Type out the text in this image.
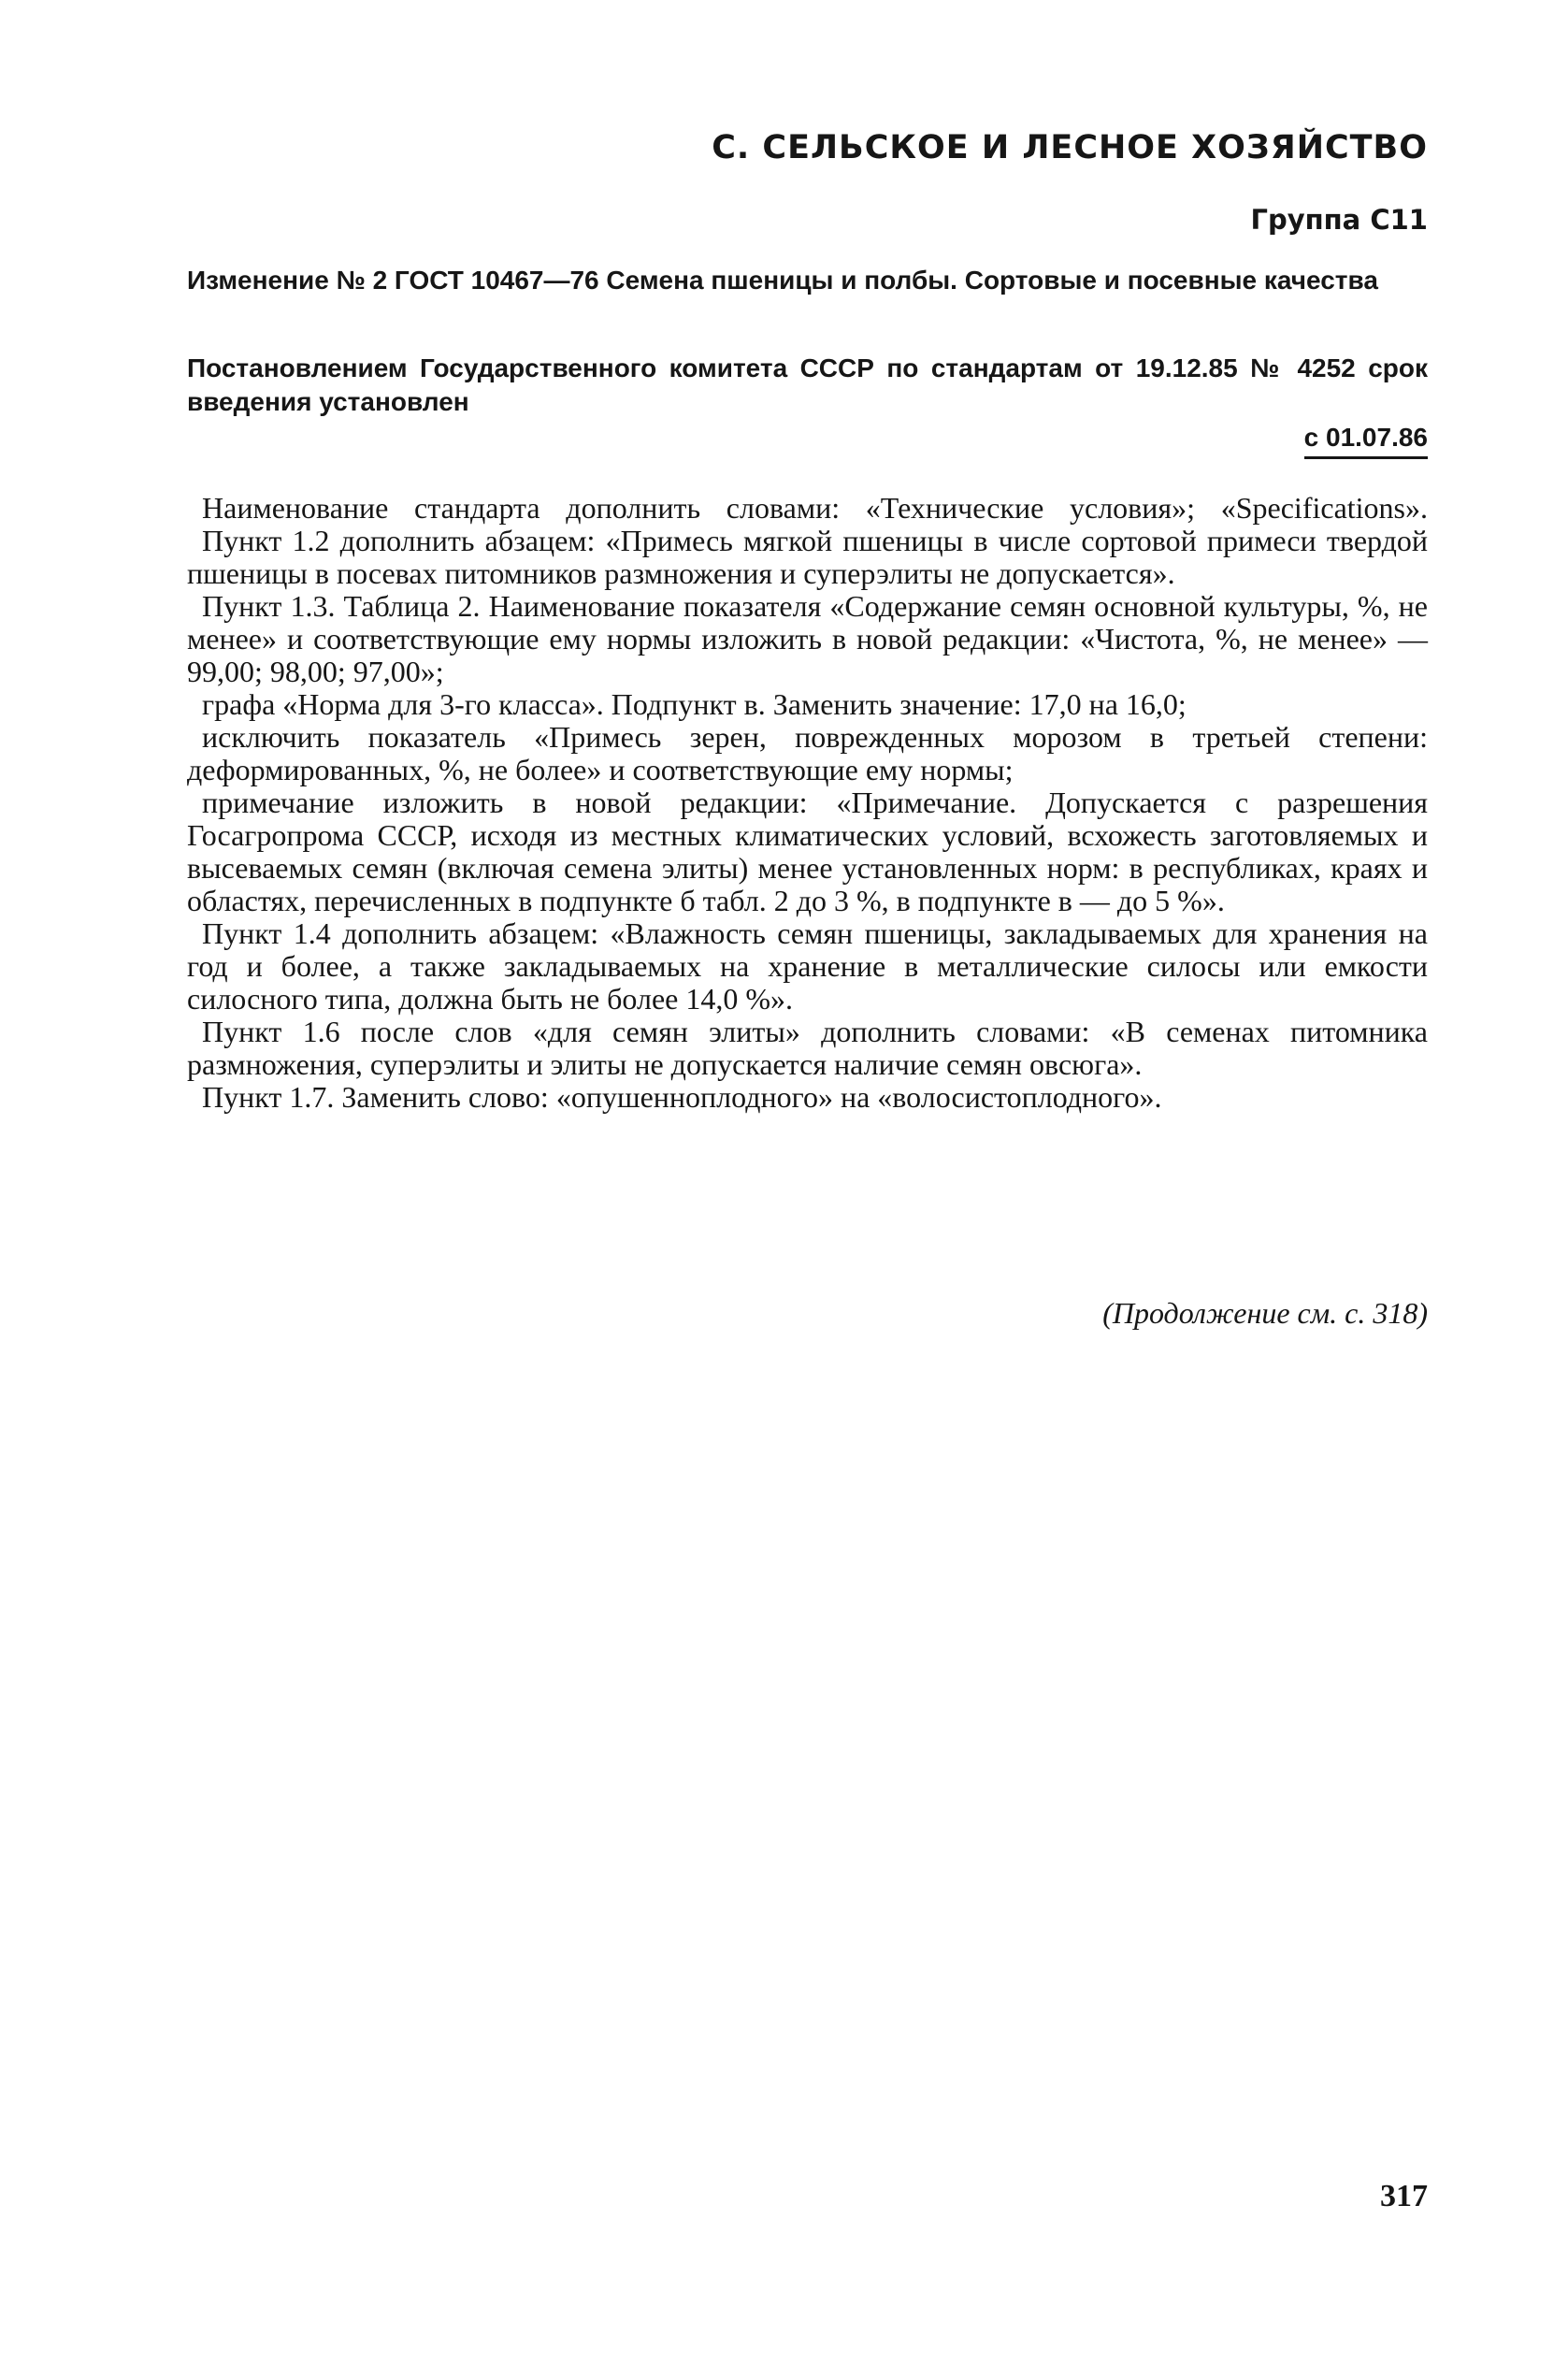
С. СЕЛЬСКОЕ И ЛЕСНОЕ ХОЗЯЙСТВО
Группа С11

Изменение № 2 ГОСТ 10467—76 Семена пшеницы и полбы. Сортовые и посевные качества

Постановлением Государственного комитета СССР по стандартам от 19.12.85 № 4252 срок введения установлен

с 01.07.86

Наименование стандарта дополнить словами: «Технические условия»; «Specifications».

Пункт 1.2 дополнить абзацем: «Примесь мягкой пшеницы в числе сортовой примеси твердой пшеницы в посевах питомников размножения и суперэлиты не допускается».

Пункт 1.3. Таблица 2. Наименование показателя «Содержание семян основной культуры, %, не менее» и соответствующие ему нормы изложить в новой редакции: «Чистота, %, не менее» — 99,00; 98,00; 97,00»;

графа «Норма для 3-го класса». Подпункт в. Заменить значение: 17,0 на 16,0;

исключить показатель «Примесь зерен, поврежденных морозом в третьей степени: деформированных, %, не более» и соответствующие ему нормы;

примечание изложить в новой редакции: «Примечание. Допускается с разрешения Госагропрома СССР, исходя из местных климатических условий, всхожесть заготовляемых и высеваемых семян (включая семена элиты) менее установленных норм: в республиках, краях и областях, перечисленных в подпункте б табл. 2 до 3 %, в подпункте в — до 5 %».

Пункт 1.4 дополнить абзацем: «Влажность семян пшеницы, закладываемых для хранения на год и более, а также закладываемых на хранение в металлические силосы или емкости силосного типа, должна быть не более 14,0 %».

Пункт 1.6 после слов «для семян элиты» дополнить словами: «В семенах питомника размножения, суперэлиты и элиты не допускается наличие семян овсюга».

Пункт 1.7. Заменить слово: «опушенноплодного» на «волосистоплодного».

(Продолжение см. с. 318)
317
